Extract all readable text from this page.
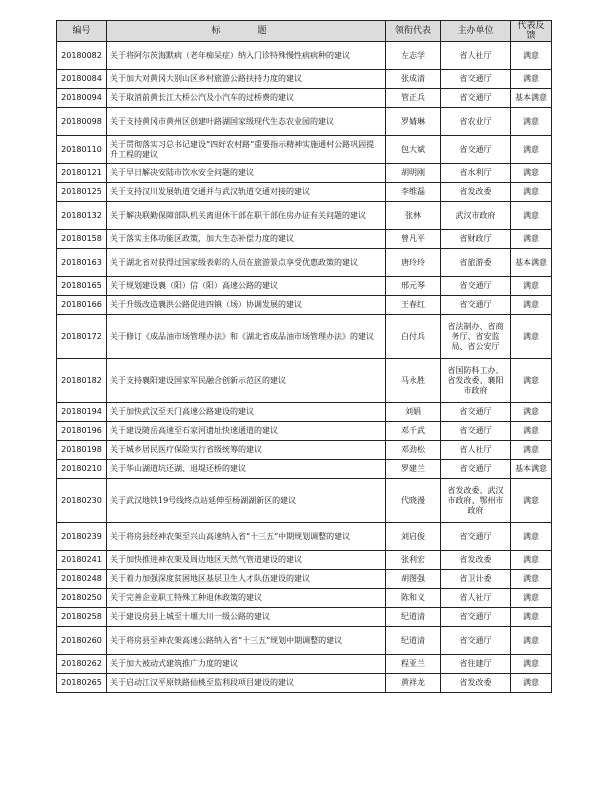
编号	标　题	领衔代表	主办单位	代表反馈
20180082	关于将阿尔茨海默病（老年痴呆症）纳入门诊特殊慢性病病种的建议	左志学	省人社厅	满意
20180084	关于加大对黄冈大别山区乡村旅游公路扶持力度的建议	张成清	省交通厅	满意
20180094	关于取消前黄长江大桥公汽及小汽车的过桥费的建议	管正兵	省交通厅	基本满意
20180098	关于支持黄冈市黄州区创建叶路湖国家级现代生态农业园的建议	罗婧琳	省农业厅	满意
20180110	关于贯彻落实习总书记建设“四好农村路”重要指示精神实施通村公路巩固提升工程的建议	包大斌	省交通厅	满意
20180121	关于早日解决安陆市饮水安全问题的建议	胡明刚	省水利厅	满意
20180125	关于支持汉川发展轨道交通并与武汉轨道交通对接的建议	李维磊	省发改委	满意
20180132	关于解决联勤保障部队机关离退休干部在职干部住房办证有关问题的建议	张林	武汉市政府	满意
20180158	关于落实主体功能区政策，加大生态补偿力度的建议	曾凡平	省财政厅	满意
20180163	关于湖北省对获得过国家级表彰的人员在旅游景点享受优惠政策的建议	唐玲玲	省旅游委	基本满意
20180165	关于规划建设襄（阳）信（阳）高速公路的建议	邢元琴	省交通厅	满意
20180166	关于升级改造襄洪公路促进四镇（场）协调发展的建议	王春红	省交通厅	满意
20180172	关于修订《成品油市场管理办法》和《湖北省成品油市场管理办法》的建议	白付兵	省法制办、省商务厅、省安监局、省公安厅	满意
20180182	关于支持襄阳建设国家军民融合创新示范区的建议	马永胜	省国防科工办、省发改委、襄阳市政府	满意
20180194	关于加快武汉至天门高速公路建设的建议	刘娟	省交通厅	满意
20180196	关于建设随岳高速至石家河遗址快速通道的建议	邓千武	省交通厅	满意
20180198	关于城乡居民医疗保险实行省级统筹的建议	邓劲松	省人社厅	满意
20180210	关于华山湖道坑还湖、退堤还桥的建议	罗建兰	省交通厅	基本满意
20180230	关于武汉地铁19号线终点站延伸至杨湖湖新区的建议	代晓漫	省发改委、武汉市政府、鄂州市政府	满意
20180239	关于将房县经神农架至兴山高速纳入省“十三五”中期规划调整的建议	刘启俊	省交通厅	满意
20180241	关于加快推进神农架及周边地区天然气管道建设的建议	张利宏	省发改委	满意
20180248	关于着力加强深度贫困地区基层卫生人才队伍建设的建议	胡图强	省卫计委	满意
20180250	关于完善企业职工特殊工种退休政策的建议	陈和义	省人社厅	满意
20180258	关于建设房县上城至十堰大川一级公路的建议	纪道清	省交通厅	满意
20180260	关于将房县至神农架高速公路纳入省“十三五”规划中期调整的建议	纪道清	省交通厅	满意
20180262	关于加大被动式建筑推广力度的建议	程亚兰	省住建厅	满意
20180265	关于启动江汉平原铁路仙桃至监利段项目建设的建议	黄祥龙	省发改委	满意
